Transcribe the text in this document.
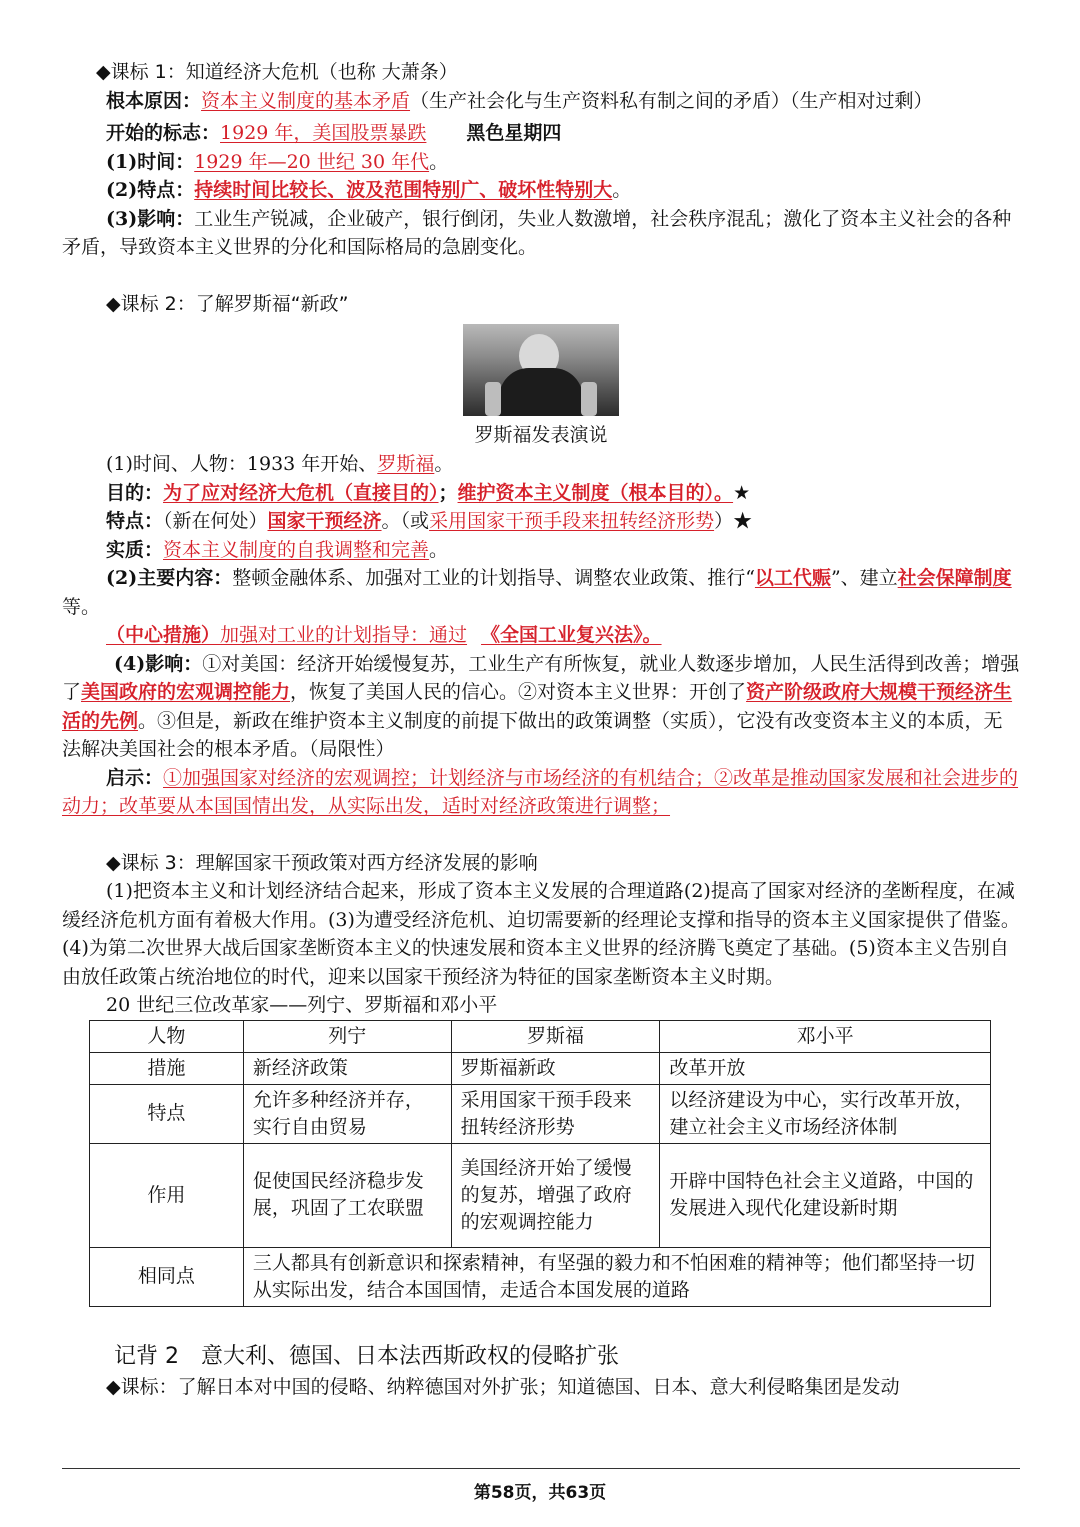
◆课标 1：知道经济大危机（也称 大萧条）

根本原因：资本主义制度的基本矛盾（生产社会化与生产资料私有制之间的矛盾）（生产相对过剩）

开始的标志：1929 年，美国股票暴跌 黑色星期四

(1)时间：1929 年—20 世纪 30 年代。

(2)特点：持续时间比较长、波及范围特别广、破坏性特别大。

(3)影响：工业生产锐减，企业破产，银行倒闭，失业人数激增，社会秩序混乱；激化了资本主义社会的各种矛盾，导致资本主义世界的分化和国际格局的急剧变化。

◆课标 2：了解罗斯福“新政”

罗斯福发表演说

(1)时间、人物：1933 年开始、罗斯福。

目的：为了应对经济大危机（直接目的）；维护资本主义制度（根本目的）。★

特点：（新在何处）国家干预经济。（或采用国家干预手段来扭转经济形势）★

实质：资本主义制度的自我调整和完善。

(2)主要内容：整顿金融体系、加强对工业的计划指导、调整农业政策、推行“以工代赈”、建立社会保障制度等。

（中心措施）加强对工业的计划指导：通过 《全国工业复兴法》。

(4)影响：①对美国：经济开始缓慢复苏，工业生产有所恢复，就业人数逐步增加，人民生活得到改善；增强了美国政府的宏观调控能力，恢复了美国人民的信心。②对资本主义世界：开创了资产阶级政府大规模干预经济生活的先例。③但是，新政在维护资本主义制度的前提下做出的政策调整（实质），它没有改变资本主义的本质，无法解决美国社会的根本矛盾。（局限性）

启示：①加强国家对经济的宏观调控；计划经济与市场经济的有机结合；②改革是推动国家发展和社会进步的动力；改革要从本国国情出发，从实际出发，适时对经济政策进行调整；

◆课标 3：理解国家干预政策对西方经济发展的影响

(1)把资本主义和计划经济结合起来，形成了资本主义发展的合理道路(2)提高了国家对经济的垄断程度，在减缓经济危机方面有着极大作用。(3)为遭受经济危机、迫切需要新的经理论支撑和指导的资本主义国家提供了借鉴。(4)为第二次世界大战后国家垄断资本主义的快速发展和资本主义世界的经济腾飞奠定了基础。(5)资本主义告别自由放任政策占统治地位的时代，迎来以国家干预经济为特征的国家垄断资本主义时期。

20 世纪三位改革家——列宁、罗斯福和邓小平

人物	列宁	罗斯福	邓小平
措施	新经济政策	罗斯福新政	改革开放
特点	允许多种经济并存，实行自由贸易	采用国家干预手段来扭转经济形势	以经济建设为中心，实行改革开放，建立社会主义市场经济体制
作用	促使国民经济稳步发展，巩固了工农联盟	美国经济开始了缓慢的复苏，增强了政府的宏观调控能力	开辟中国特色社会主义道路，中国的发展进入现代化建设新时期
相同点	三人都具有创新意识和探索精神，有坚强的毅力和不怕困难的精神等；他们都坚持一切从实际出发，结合本国国情，走适合本国发展的道路		

记背 2　意大利、德国、日本法西斯政权的侵略扩张

◆课标：了解日本对中国的侵略、纳粹德国对外扩张；知道德国、日本、意大利侵略集团是发动

第58页，共63页
